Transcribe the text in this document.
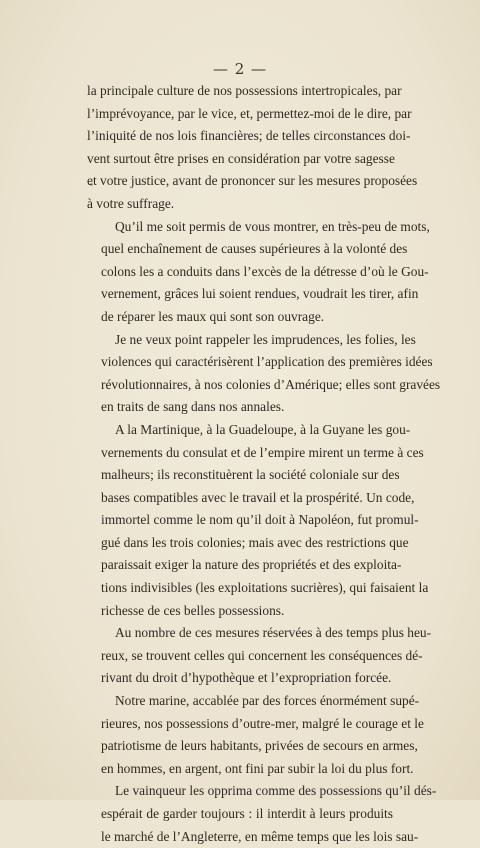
— 2 —

la principale culture de nos possessions intertropicales, par
l’imprévoyance, par le vice, et, permettez-moi de le dire, par
l’iniquité de nos lois financières; de telles circonstances doi-
vent surtout être prises en considération par votre sagesse
et votre justice, avant de prononcer sur les mesures proposées
à votre suffrage.

Qu’il me soit permis de vous montrer, en très-peu de mots,
quel enchaînement de causes supérieures à la volonté des
colons les a conduits dans l’excès de la détresse d’où le Gou-
vernement, grâces lui soient rendues, voudrait les tirer, afin
de réparer les maux qui sont son ouvrage.

Je ne veux point rappeler les imprudences, les folies, les
violences qui caractérisèrent l’application des premières idées
révolutionnaires, à nos colonies d’Amérique; elles sont gravées
en traits de sang dans nos annales.

A la Martinique, à la Guadeloupe, à la Guyane les gou-
vernements du consulat et de l’empire mirent un terme à ces
malheurs; ils reconstituèrent la société coloniale sur des
bases compatibles avec le travail et la prospérité. Un code,
immortel comme le nom qu’il doit à Napoléon, fut promul-
gué dans les trois colonies; mais avec des restrictions que
paraissait exiger la nature des propriétés et des exploita-
tions indivisibles (les exploitations sucrières), qui faisaient la
richesse de ces belles possessions.

Au nombre de ces mesures réservées à des temps plus heu-
reux, se trouvent celles qui concernent les conséquences dé-
rivant du droit d’hypothèque et l’expropriation forcée.

Notre marine, accablée par des forces énormément supé-
rieures, nos possessions d’outre-mer, malgré le courage et le
patriotisme de leurs habitants, privées de secours en armes,
en hommes, en argent, ont fini par subir la loi du plus fort.

Le vainqueur les opprima comme des possessions qu’il dés-
espérait de garder toujours : il interdit à leurs produits
le marché de l’Angleterre, en même temps que les lois sau-
